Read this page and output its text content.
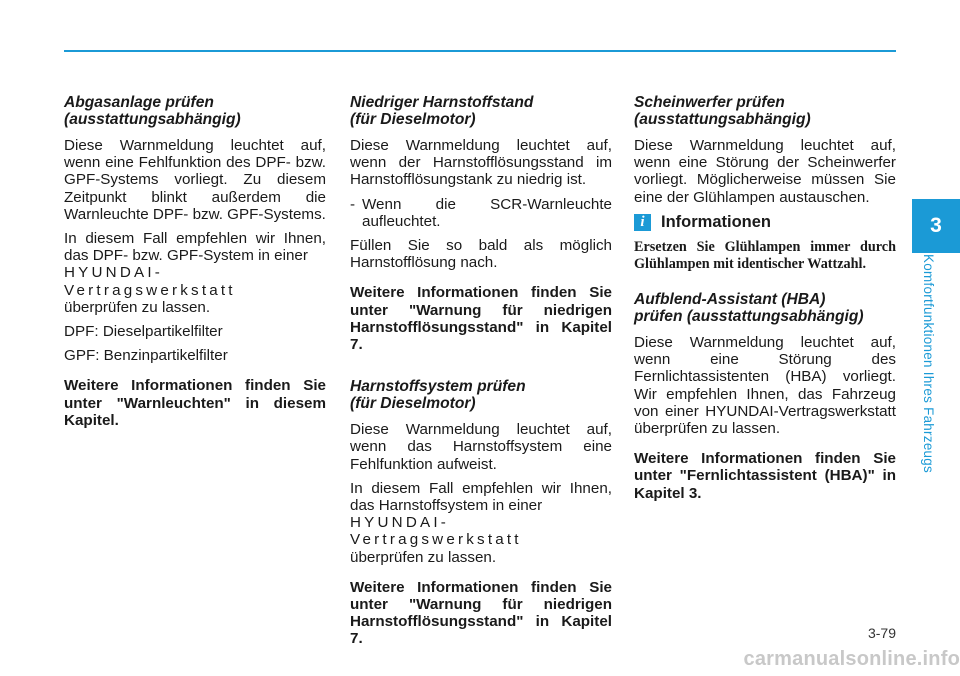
Abgasanlage prüfen
(ausstattungsabhängig)
Diese Warnmeldung leuchtet auf, wenn eine Fehlfunktion des DPF- bzw. GPF-Systems vorliegt. Zu diesem Zeitpunkt blinkt außerdem die Warnleuchte DPF- bzw. GPF-Systems.
In diesem Fall empfehlen wir Ihnen, das DPF- bzw. GPF-System in einer
HYUNDAI-Vertragswerkstatt
überprüfen zu lassen.
DPF: Dieselpartikelfilter
GPF: Benzinpartikelfilter
Weitere Informationen finden Sie unter "Warnleuchten" in diesem Kapitel.
Niedriger Harnstoffstand
(für Dieselmotor)
Diese Warnmeldung leuchtet auf, wenn der Harnstofflösungsstand im Harnstofflösungstank zu niedrig ist.
- Wenn die SCR-Warnleuchte aufleuchtet.
Füllen Sie so bald als möglich Harnstofflösung nach.
Weitere Informationen finden Sie unter "Warnung für niedrigen Harnstofflösungsstand" in Kapitel 7.
Harnstoffsystem prüfen
(für Dieselmotor)
Diese Warnmeldung leuchtet auf, wenn das Harnstoffsystem eine Fehlfunktion aufweist.
In diesem Fall empfehlen wir Ihnen, das Harnstoffsystem in einer
HYUNDAI-Vertragswerkstatt
überprüfen zu lassen.
Weitere Informationen finden Sie unter "Warnung für niedrigen Harnstofflösungsstand" in Kapitel 7.
Scheinwerfer prüfen
(ausstattungsabhängig)
Diese Warnmeldung leuchtet auf, wenn eine Störung der Scheinwerfer vorliegt. Möglicherweise müssen Sie eine der Glühlampen austauschen.
i Informationen
Ersetzen Sie Glühlampen immer durch Glühlampen mit identischer Wattzahl.
Aufblend-Assistant (HBA)
prüfen (ausstattungsabhängig)
Diese Warnmeldung leuchtet auf, wenn eine Störung des Fernlichtassistenten (HBA) vorliegt. Wir empfehlen Ihnen, das Fahrzeug von einer HYUNDAI-Vertragswerkstatt überprüfen zu lassen.
Weitere Informationen finden Sie unter "Fernlichtassistent (HBA)" in Kapitel 3.
3
Komfortfunktionen Ihres Fahrzeugs
3-79
carmanualsonline.info
